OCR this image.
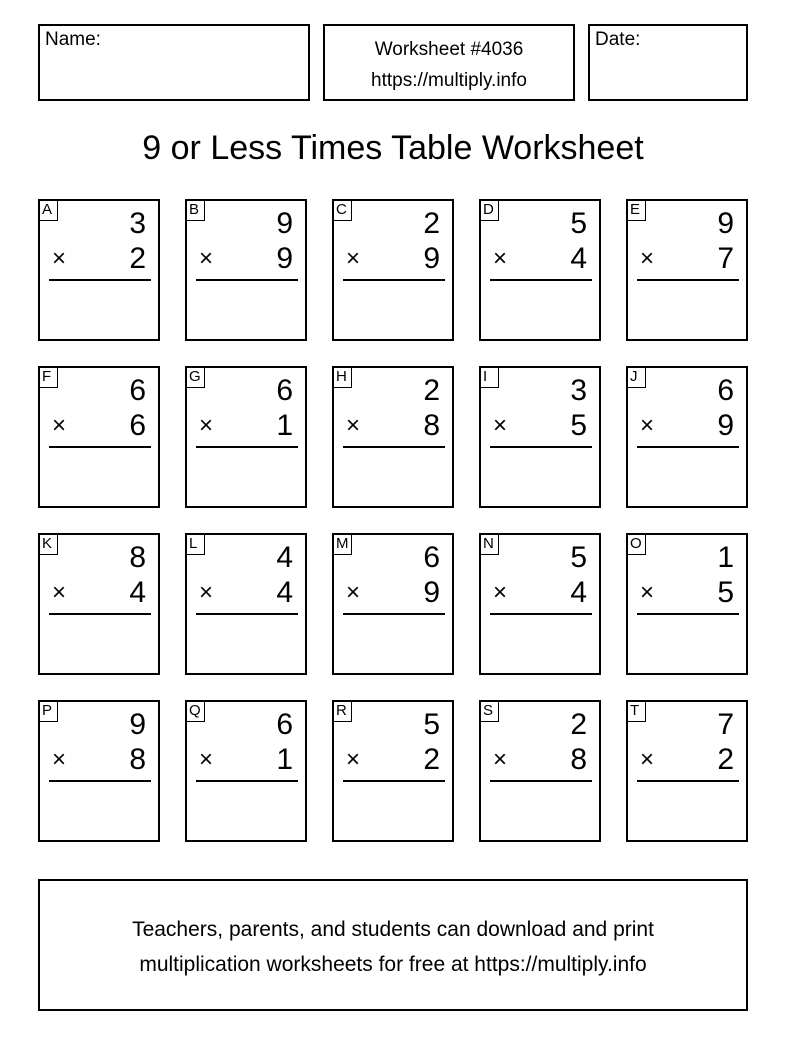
Name:	Worksheet #4036
https://multiply.info
Date:
9 or Less Times Table Worksheet
A	3
× 2
B	9
× 9
C	2
× 9
D	5
× 4
E	9
× 7
F	6
× 6
G	6
× 1
H	2
× 8
I	3
× 5
J	6
× 9
K	8
× 4
L	4
× 4
M 6
× 9
N	5
× 4
O	1
× 5
P	9
× 8
Q	6
× 1
R	5
× 2
S	2
× 8
T	7
× 2
Teachers, parents, and students can download and print
multiplication worksheets for free at https://multiply.info
